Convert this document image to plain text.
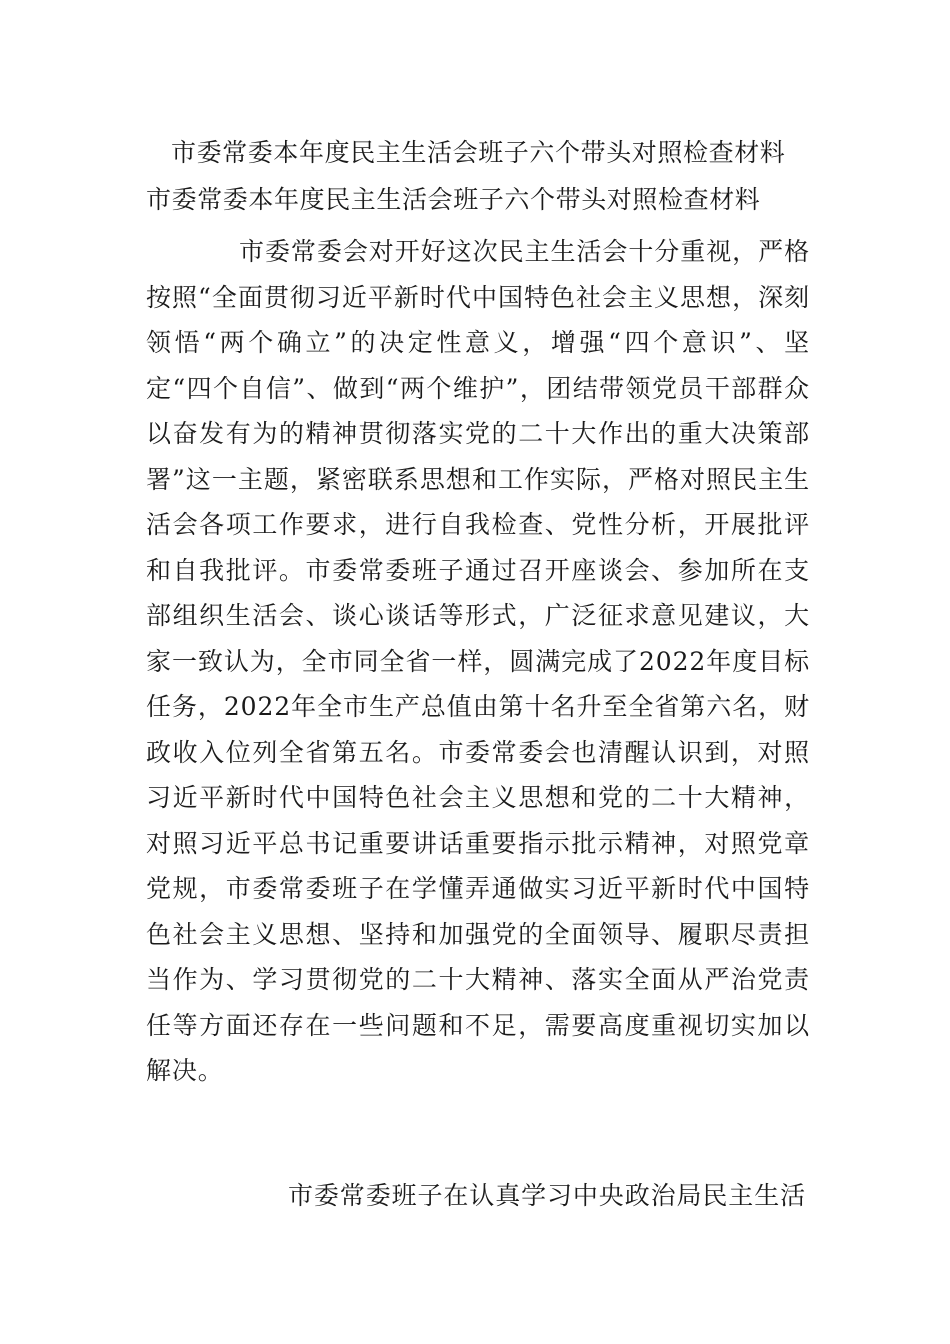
市委常委本年度民主生活会班子六个带头对照检查材料
市委常委本年度民主生活会班子六个带头对照检查材料

市委常委会对开好这次民主生活会十分重视，严格按照“全面贯彻习近平新时代中国特色社会主义思想，深刻领悟“两个确立”的决定性意义，增强“四个意识”、坚定“四个自信”、做到“两个维护”，团结带领党员干部群众以奋发有为的精神贯彻落实党的二十大作出的重大决策部署”这一主题，紧密联系思想和工作实际，严格对照民主生活会各项工作要求，进行自我检查、党性分析，开展批评和自我批评。市委常委班子通过召开座谈会、参加所在支部组织生活会、谈心谈话等形式，广泛征求意见建议，大家一致认为，全市同全省一样，圆满完成了2022年度目标任务，2022年全市生产总值由第十名升至全省第六名，财政收入位列全省第五名。市委常委会也清醒认识到，对照习近平新时代中国特色社会主义思想和党的二十大精神，对照习近平总书记重要讲话重要指示批示精神，对照党章党规，市委常委班子在学懂弄通做实习近平新时代中国特色社会主义思想、坚持和加强党的全面领导、履职尽责担当作为、学习贯彻党的二十大精神、落实全面从严治党责任等方面还存在一些问题和不足，需要高度重视切实加以解决。

市委常委班子在认真学习中央政治局民主生活
